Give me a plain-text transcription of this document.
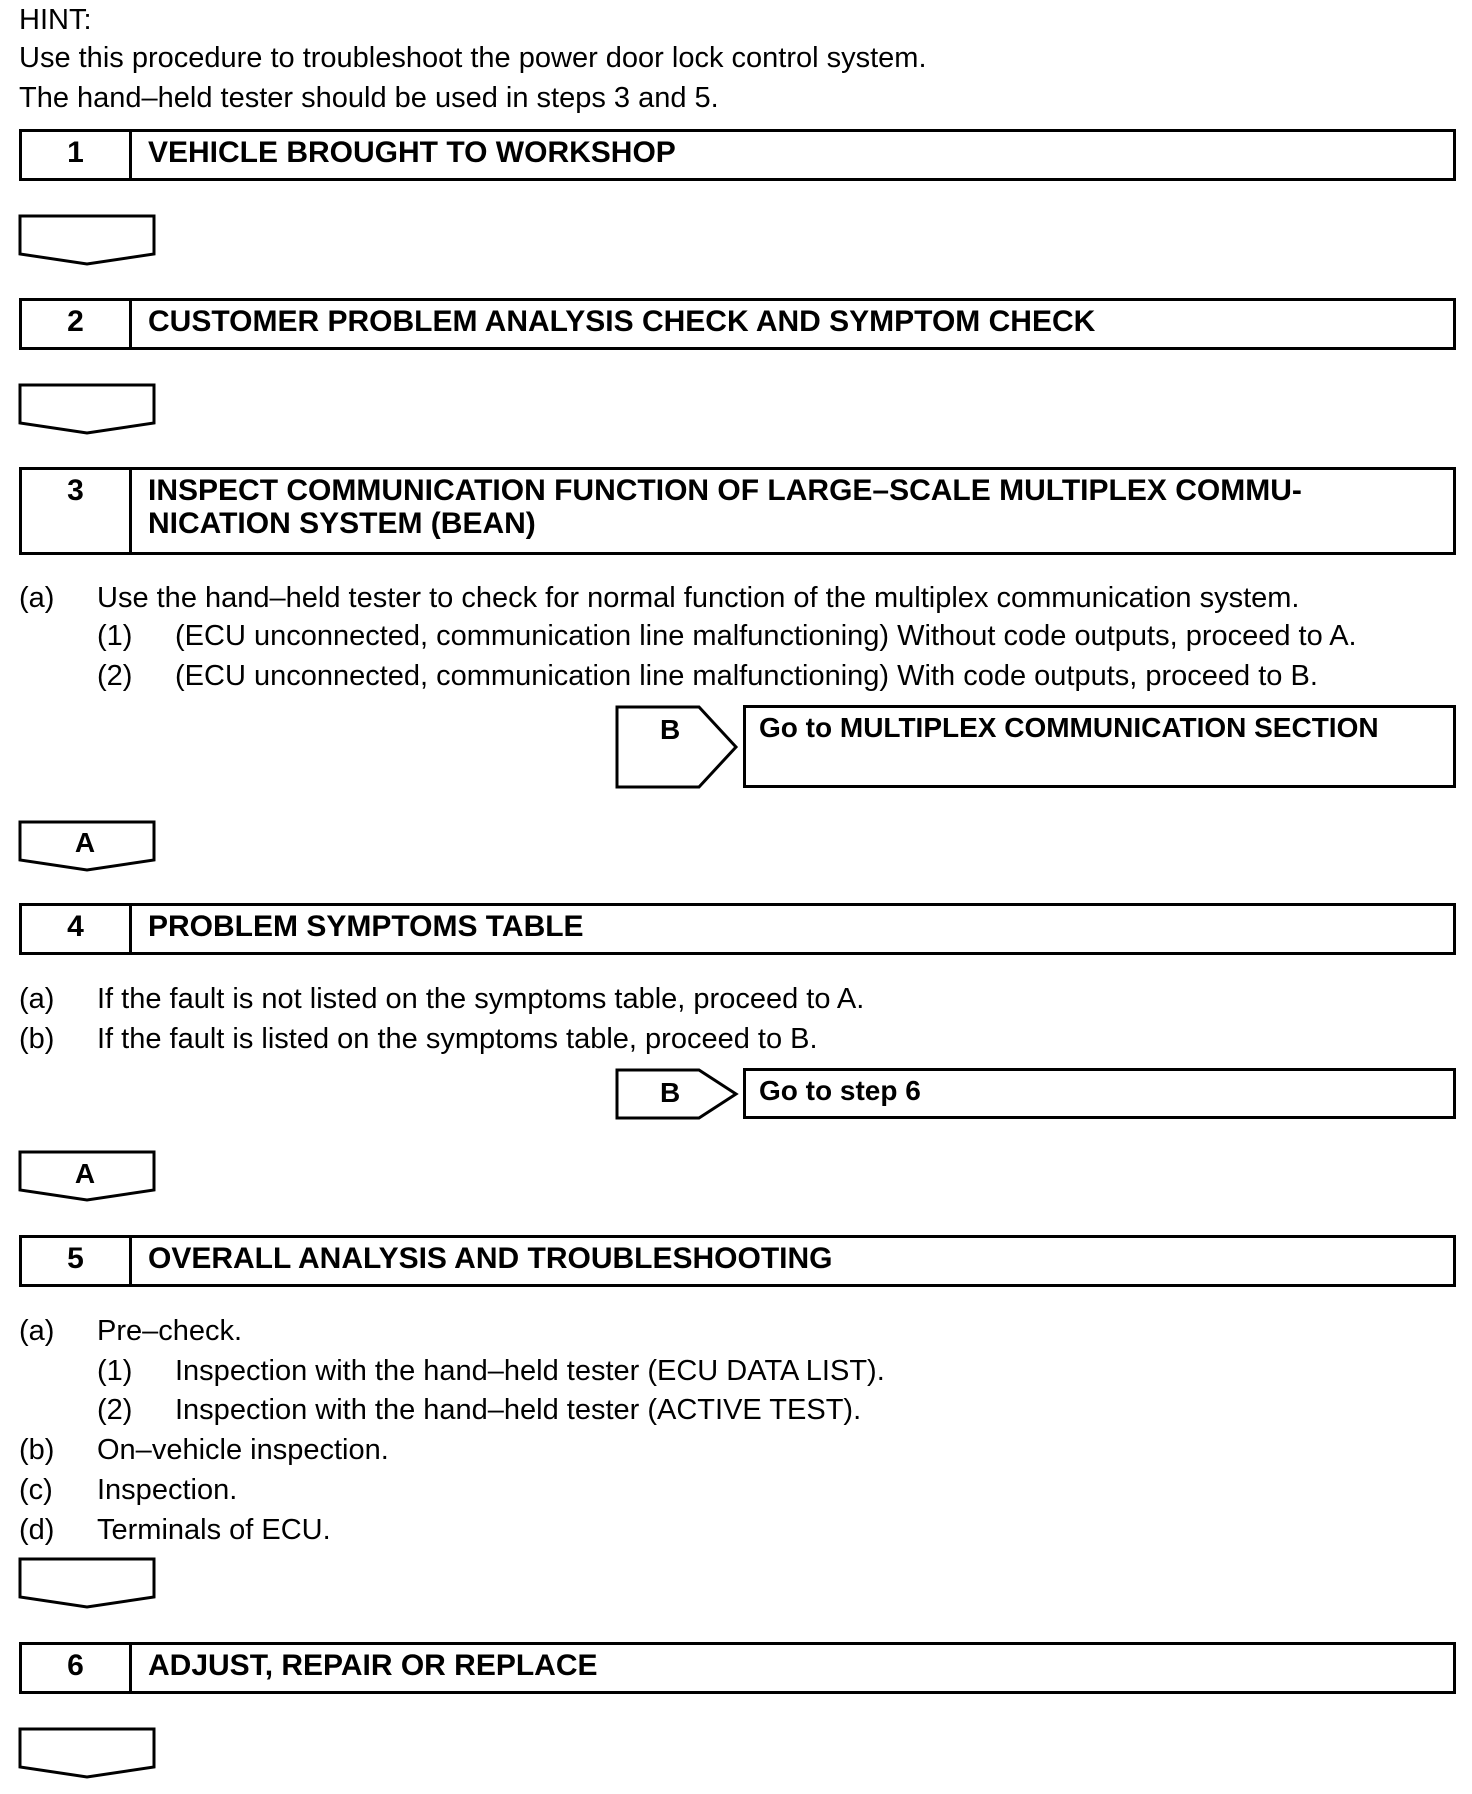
HINT:
Use this procedure to troubleshoot the power door lock control system.
The hand–held tester should be used in steps 3 and 5.
1	VEHICLE BROUGHT TO WORKSHOP
2	CUSTOMER PROBLEM ANALYSIS CHECK AND SYMPTOM CHECK
3	INSPECT COMMUNICATION FUNCTION OF LARGE–SCALE MULTIPLEX COMMU-
NICATION SYSTEM (BEAN)
(a) Use the hand–held tester to check for normal function of the multiplex communication system.
(1) (ECU unconnected, communication line malfunctioning) Without code outputs, proceed to A.
(2) (ECU unconnected, communication line malfunctioning) With code outputs, proceed to B.
B	Go to MULTIPLEX COMMUNICATION SECTION
A
4	PROBLEM SYMPTOMS TABLE
(a) If the fault is not listed on the symptoms table, proceed to A.
(b) If the fault is listed on the symptoms table, proceed to B.
B	Go to step 6
A
5	OVERALL ANALYSIS AND TROUBLESHOOTING
(a) Pre–check.
(1) Inspection with the hand–held tester (ECU DATA LIST).
(2) Inspection with the hand–held tester (ACTIVE TEST).
(b) On–vehicle inspection.
(c) Inspection.
(d) Terminals of ECU.
6	ADJUST, REPAIR OR REPLACE
